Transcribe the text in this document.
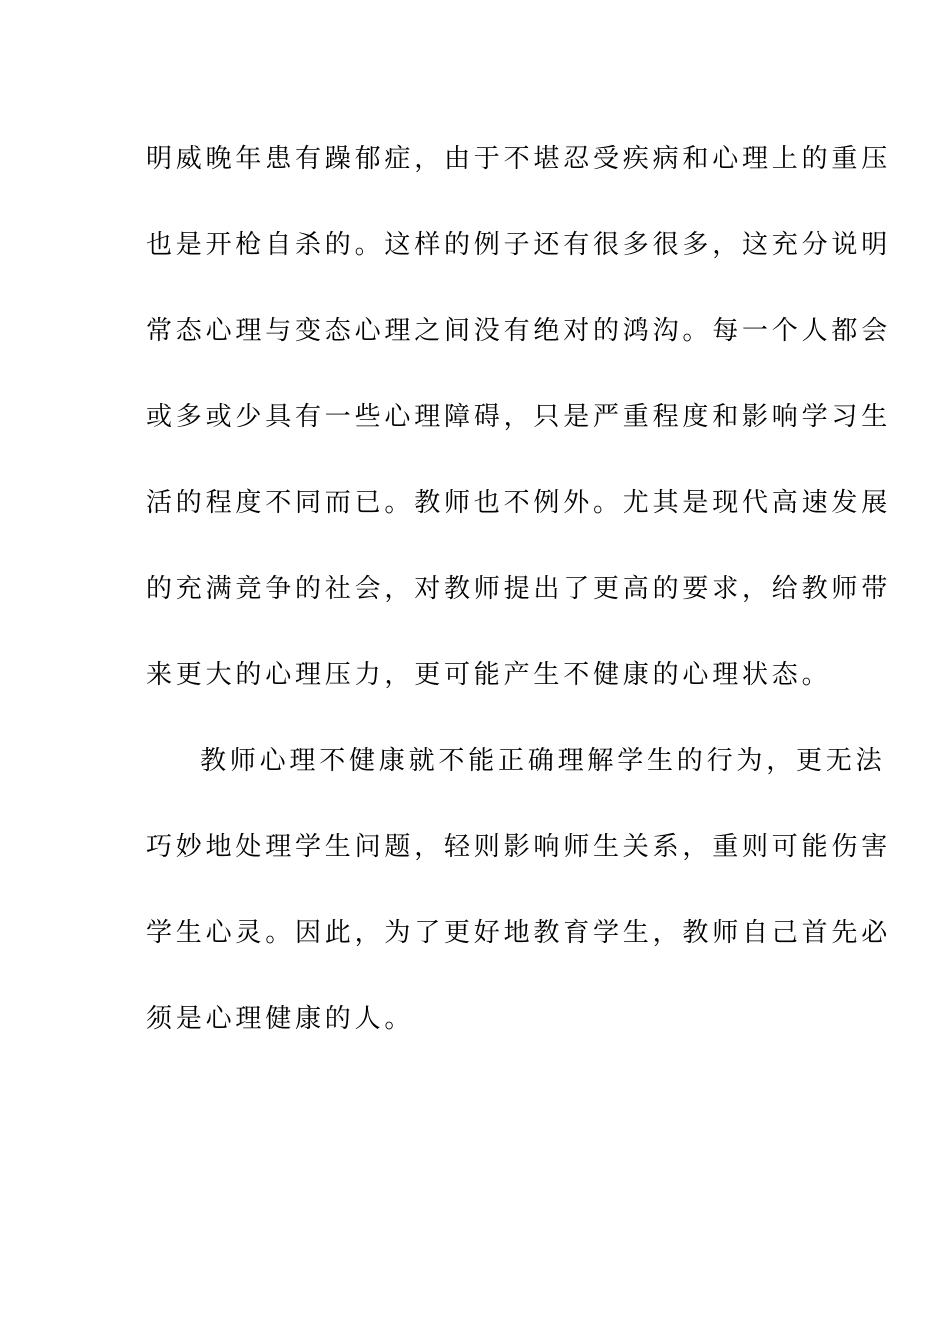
明威晚年患有躁郁症，由于不堪忍受疾病和心理上的重压
也是开枪自杀的。这样的例子还有很多很多，这充分说明
常态心理与变态心理之间没有绝对的鸿沟。每一个人都会
或多或少具有一些心理障碍，只是严重程度和影响学习生
活的程度不同而已。教师也不例外。尤其是现代高速发展
的充满竞争的社会，对教师提出了更高的要求，给教师带
来更大的心理压力，更可能产生不健康的心理状态。
教师心理不健康就不能正确理解学生的行为，更无法
巧妙地处理学生问题，轻则影响师生关系，重则可能伤害
学生心灵。因此，为了更好地教育学生，教师自己首先必
须是心理健康的人。
